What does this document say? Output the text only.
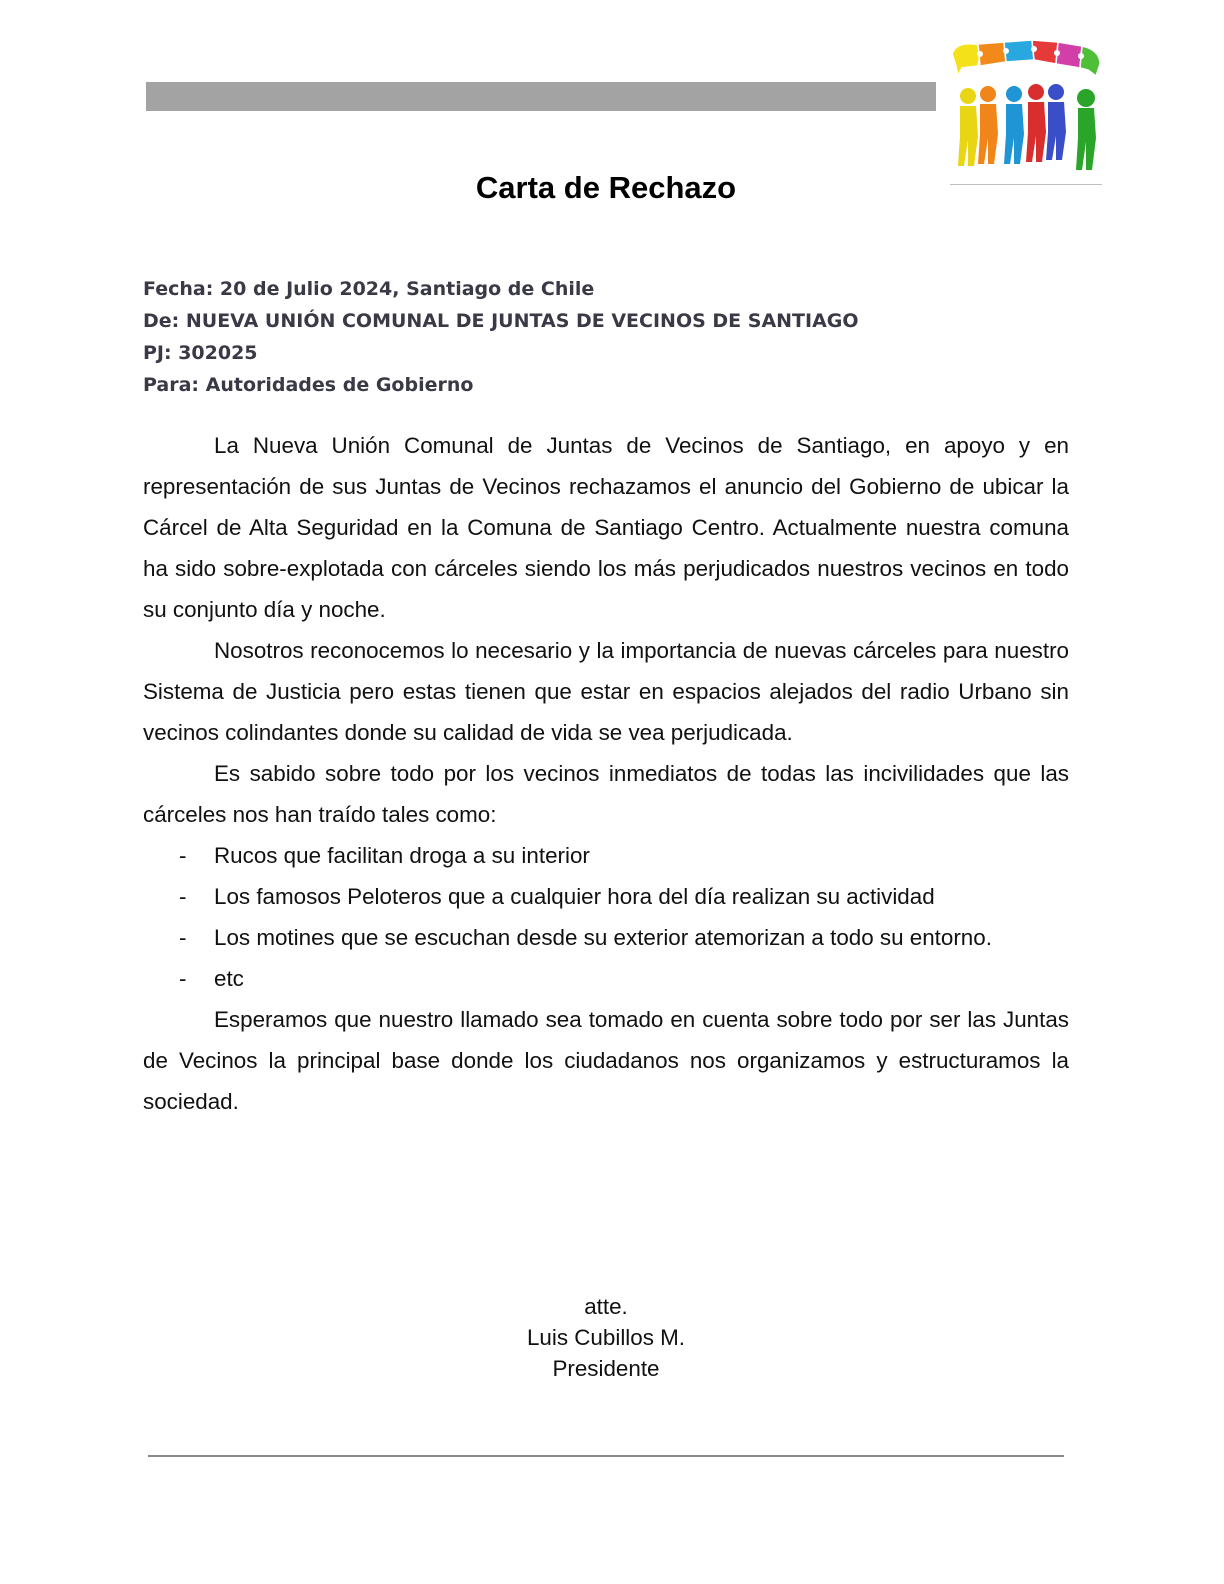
Carta de Rechazo
Fecha: 20 de Julio 2024, Santiago de Chile
De: NUEVA UNIÓN COMUNAL DE JUNTAS DE VECINOS DE SANTIAGO
PJ: 302025
Para: Autoridades de Gobierno

La Nueva Unión Comunal de Juntas de Vecinos de Santiago, en apoyo y en representación de sus Juntas de Vecinos rechazamos el anuncio del Gobierno de ubicar la Cárcel de Alta Seguridad en la Comuna de Santiago Centro. Actualmente nuestra comuna ha sido sobre-explotada con cárceles siendo los más perjudicados nuestros vecinos en todo su conjunto día y noche.

Nosotros reconocemos lo necesario y la importancia de nuevas cárceles para nuestro Sistema de Justicia pero estas tienen que estar en espacios alejados del radio Urbano sin vecinos colindantes donde su calidad de vida se vea perjudicada.

Es sabido sobre todo por los vecinos inmediatos de todas las incivilidades que las cárceles nos han traído tales como:

- Rucos que facilitan droga a su interior
- Los famosos Peloteros que a cualquier hora del día realizan su actividad
- Los motines que se escuchan desde su exterior atemorizan a todo su entorno.
- etc

Esperamos que nuestro llamado sea tomado en cuenta sobre todo por ser las Juntas de Vecinos la principal base donde los ciudadanos nos organizamos y estructuramos la sociedad.

atte.
Luis Cubillos M.
Presidente
